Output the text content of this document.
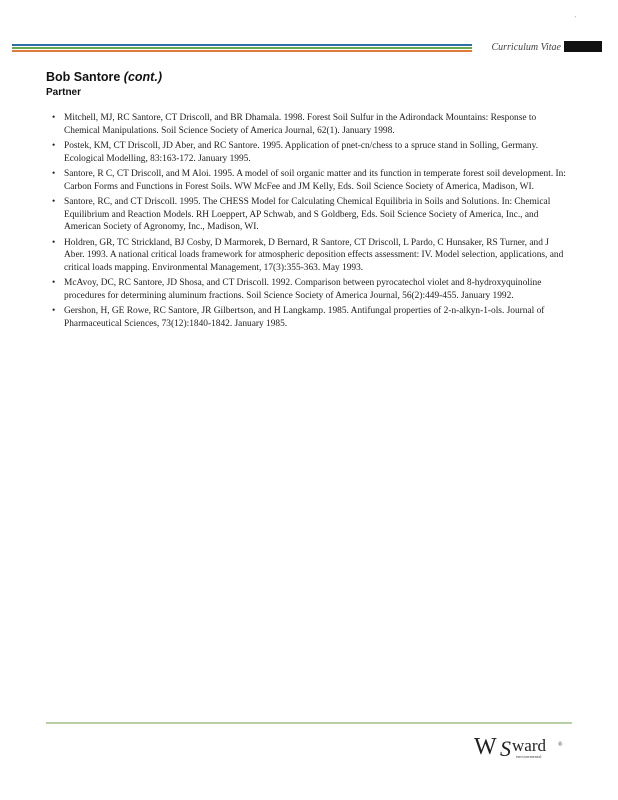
'
Curriculum Vitae
Bob Santore (cont.)
Partner
• Mitchell, MJ, RC Santore, CT Driscoll, and BR Dhamala. 1998. Forest Soil Sulfur in the Adirondack Mountains: Response to Chemical Manipulations. Soil Science Society of America Journal, 62(1). January 1998.
• Postek, KM, CT Driscoll, JD Aber, and RC Santore. 1995. Application of pnet-cn/chess to a spruce stand in Solling, Germany. Ecological Modelling, 83:163-172. January 1995.
• Santore, R C, CT Driscoll, and M Aloi. 1995. A model of soil organic matter and its function in temperate forest soil development. In: Carbon Forms and Functions in Forest Soils. WW McFee and JM Kelly, Eds. Soil Science Society of America, Madison, WI.
• Santore, RC, and CT Driscoll. 1995. The CHESS Model for Calculating Chemical Equilibria in Soils and Solutions. In: Chemical Equilibrium and Reaction Models. RH Loeppert, AP Schwab, and S Goldberg, Eds. Soil Science Society of America, Inc., and American Society of Agronomy, Inc., Madison, WI.
• Holdren, GR, TC Strickland, BJ Cosby, D Marmorek, D Bernard, R Santore, CT Driscoll, L Pardo, C Hunsaker, RS Turner, and J Aber. 1993. A national critical loads framework for atmospheric deposition effects assessment: IV. Model selection, applications, and critical loads mapping. Environmental Management, 17(3):355-363. May 1993.
• McAvoy, DC, RC Santore, JD Shosa, and CT Driscoll. 1992. Comparison between pyrocatechol violet and 8-hydroxyquinoline procedures for determining aluminum fractions. Soil Science Society of America Journal, 56(2):449-455. January 1992.
• Gershon, H, GE Rowe, RC Santore, JR Gilbertson, and H Langkamp. 1985. Antifungal properties of 2-n-alkyn-1-ols. Journal of Pharmaceutical Sciences, 73(12):1840-1842. January 1985.
W S ward
environmental
®
